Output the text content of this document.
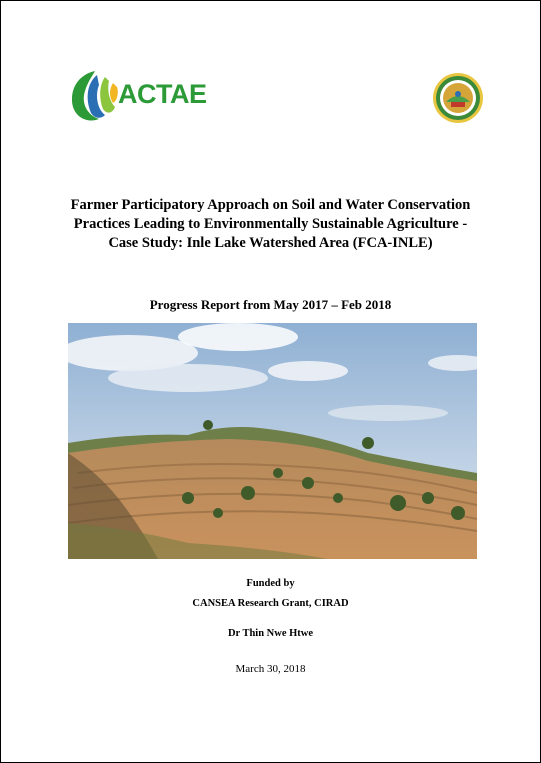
ACTAE
Farmer Participatory Approach on Soil and Water Conservation
Practices Leading to Environmentally Sustainable Agriculture -
Case Study: Inle Lake Watershed Area (FCA-INLE)
Progress Report from May 2017 – Feb 2018
Funded by
CANSEA Research Grant, CIRAD
Dr Thin Nwe Htwe
March 30, 2018
